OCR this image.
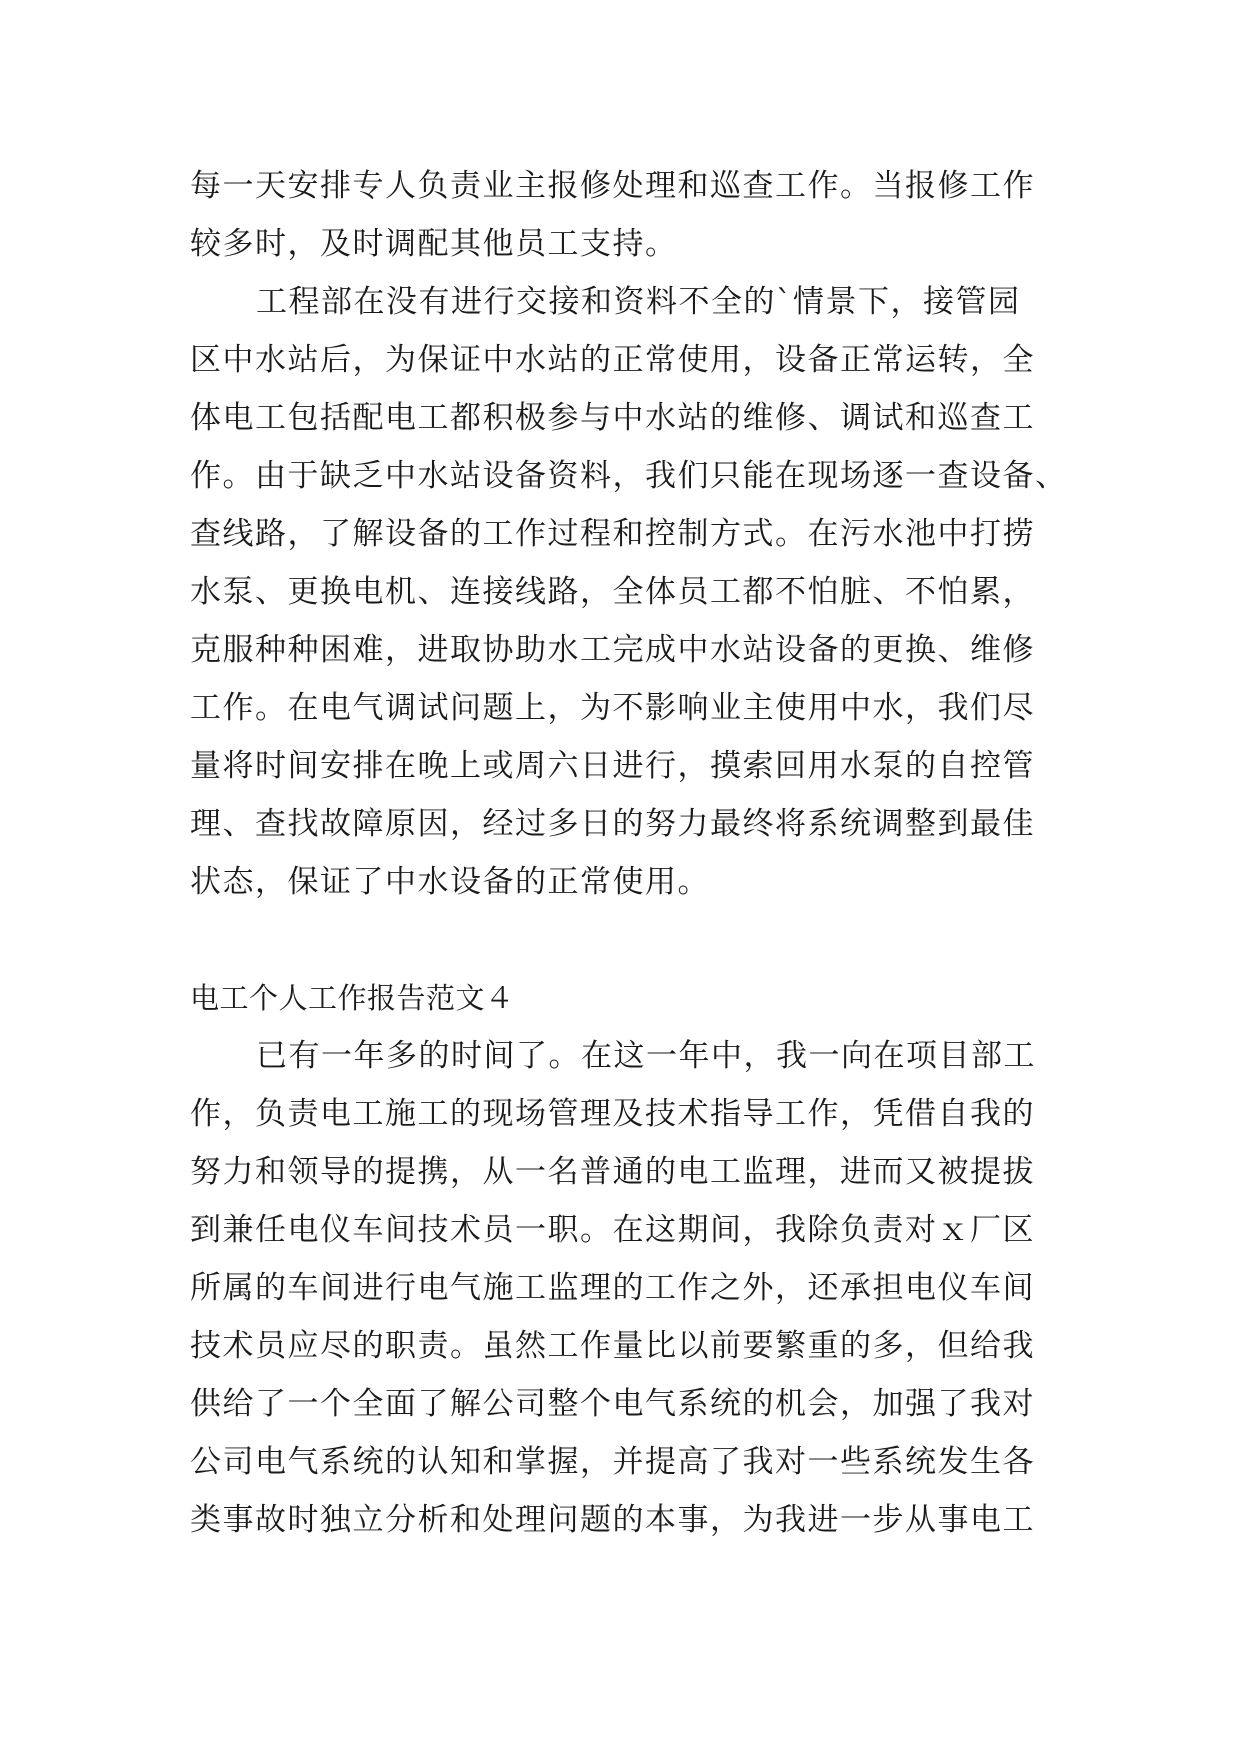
每一天安排专人负责业主报修处理和巡查工作。当报修工作
较多时，及时调配其他员工支持。
工程部在没有进行交接和资料不全的`情景下，接管园
区中水站后，为保证中水站的正常使用，设备正常运转，全
体电工包括配电工都积极参与中水站的维修、调试和巡查工
作。由于缺乏中水站设备资料，我们只能在现场逐一查设备、
查线路，了解设备的工作过程和控制方式。在污水池中打捞
水泵、更换电机、连接线路，全体员工都不怕脏、不怕累，
克服种种困难，进取协助水工完成中水站设备的更换、维修
工作。在电气调试问题上，为不影响业主使用中水，我们尽
量将时间安排在晚上或周六日进行，摸索回用水泵的自控管
理、查找故障原因，经过多日的努力最终将系统调整到最佳
状态，保证了中水设备的正常使用。
电工个人工作报告范文４
已有一年多的时间了。在这一年中，我一向在项目部工
作，负责电工施工的现场管理及技术指导工作，凭借自我的
努力和领导的提携，从一名普通的电工监理，进而又被提拔
到兼任电仪车间技术员一职。在这期间，我除负责对ｘ厂区
所属的车间进行电气施工监理的工作之外，还承担电仪车间
技术员应尽的职责。虽然工作量比以前要繁重的多，但给我
供给了一个全面了解公司整个电气系统的机会，加强了我对
公司电气系统的认知和掌握，并提高了我对一些系统发生各
类事故时独立分析和处理问题的本事，为我进一步从事电工
